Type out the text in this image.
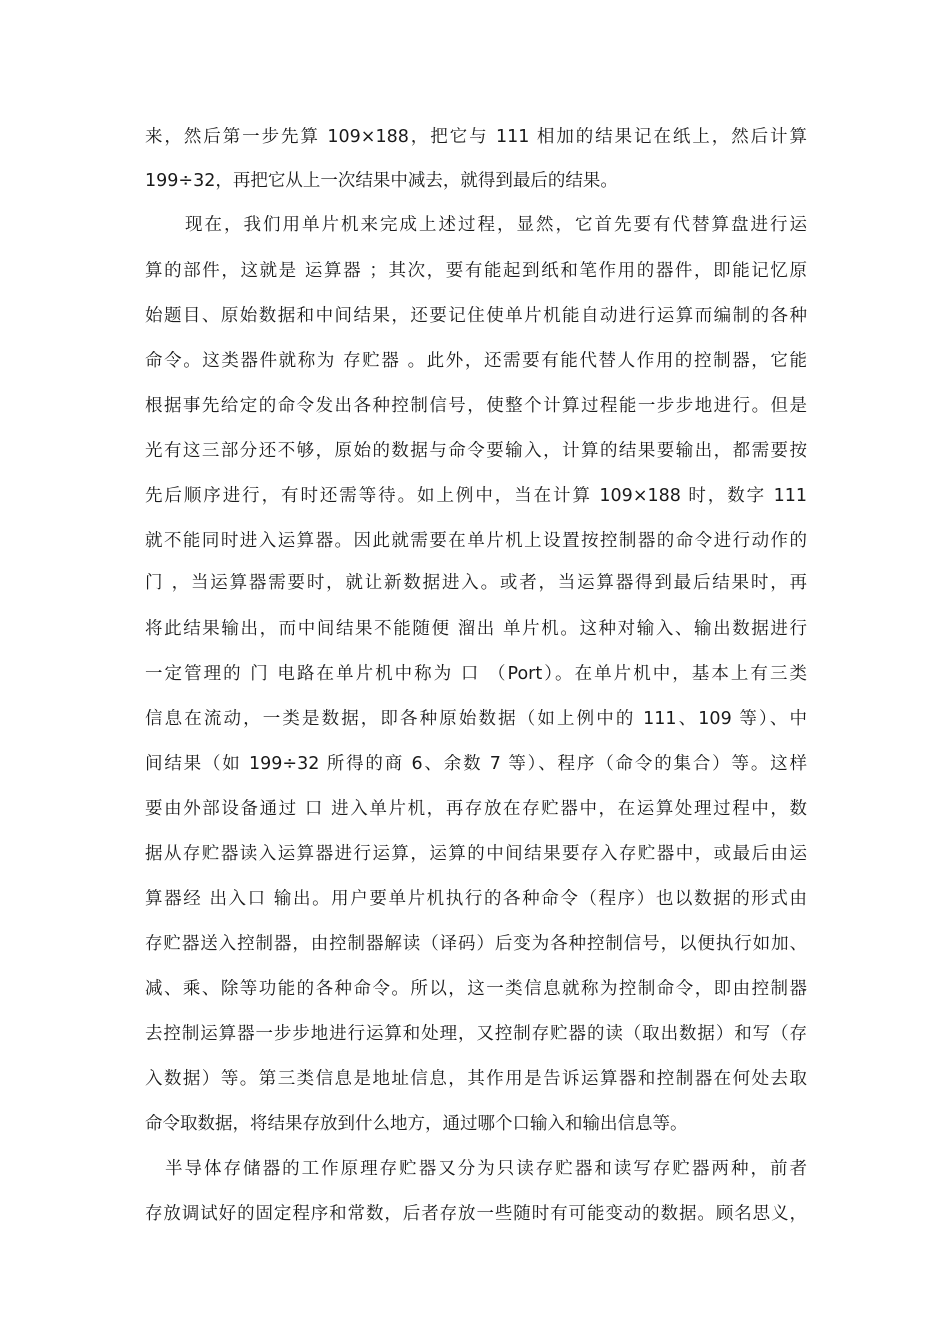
来，然后第一步先算 109×188，把它与 111 相加的结果记在纸上，然后计算
199÷32，再把它从上一次结果中减去，就得到最后的结果。
现在，我们用单片机来完成上述过程，显然，它首先要有代替算盘进行运
算的部件，这就是 运算器 ；其次，要有能起到纸和笔作用的器件，即能记忆原
始题目、原始数据和中间结果，还要记住使单片机能自动进行运算而编制的各种
命令。这类器件就称为 存贮器 。此外，还需要有能代替人作用的控制器，它能
根据事先给定的命令发出各种控制信号，使整个计算过程能一步步地进行。但是
光有这三部分还不够，原始的数据与命令要输入，计算的结果要输出，都需要按
先后顺序进行，有时还需等待。如上例中，当在计算 109×188 时，数字 111
就不能同时进入运算器。因此就需要在单片机上设置按控制器的命令进行动作的
门 ，当运算器需要时，就让新数据进入。或者，当运算器得到最后结果时，再
将此结果输出，而中间结果不能随便 溜出 单片机。这种对输入、输出数据进行
一定管理的 门 电路在单片机中称为 口 （Port）。在单片机中，基本上有三类
信息在流动，一类是数据，即各种原始数据（如上例中的 111、109 等）、中
间结果（如 199÷32 所得的商 6、余数 7 等）、程序（命令的集合）等。这样
要由外部设备通过 口 进入单片机，再存放在存贮器中，在运算处理过程中，数
据从存贮器读入运算器进行运算，运算的中间结果要存入存贮器中，或最后由运
算器经 出入口 输出。用户要单片机执行的各种命令（程序）也以数据的形式由
存贮器送入控制器，由控制器解读（译码）后变为各种控制信号，以便执行如加、
减、乘、除等功能的各种命令。所以，这一类信息就称为控制命令，即由控制器
去控制运算器一步步地进行运算和处理，又控制存贮器的读（取出数据）和写（存
入数据）等。第三类信息是地址信息，其作用是告诉运算器和控制器在何处去取
命令取数据，将结果存放到什么地方，通过哪个口输入和输出信息等。
半导体存储器的工作原理存贮器又分为只读存贮器和读写存贮器两种，前者
存放调试好的固定程序和常数，后者存放一些随时有可能变动的数据。顾名思义，
